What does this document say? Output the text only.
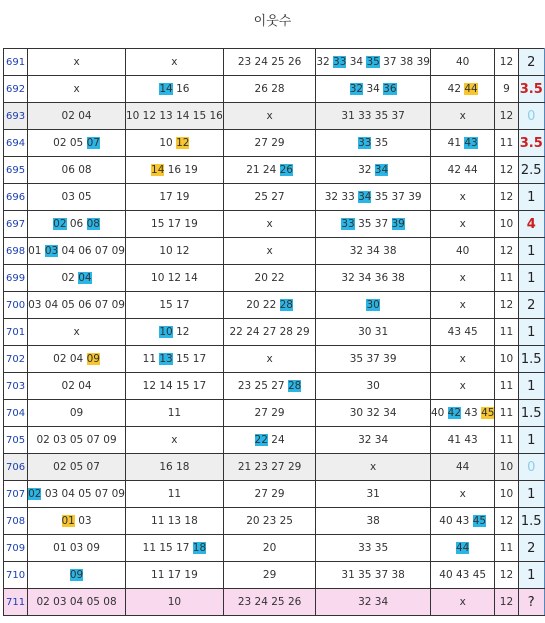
이웃수
691	x	x	23 24 25 26	32 33 34 35 37 38 39	40	12	2
692	x	14 16	26 28	32 34 36	42 44	9	3.5
693	02 04	10 12 13 14 15 16	x	31 33 35 37	x	12	0
694	02 05 07	10 12	27 29	33 35	41 43	11	3.5
695	06 08	14 16 19	21 24 26	32 34	42 44	12	2.5
696	03 05	17 19	25 27	32 33 34 35 37 39	x	12	1
697	02 06 08	15 17 19	x	33 35 37 39	x	10	4
698	01 03 04 06 07 09	10 12	x	32 34 38	40	12	1
699	02 04	10 12 14	20 22	32 34 36 38	x	11	1
700	03 04 05 06 07 09	15 17	20 22 28	30	x	12	2
701	x	10 12	22 24 27 28 29	30 31	43 45	11	1
702	02 04 09	11 13 15 17	x	35 37 39	x	10	1.5
703	02 04	12 14 15 17	23 25 27 28	30	x	11	1
704	09	11	27 29	30 32 34	40 42 43 45	11	1.5
705	02 03 05 07 09	x	22 24	32 34	41 43	11	1
706	02 05 07	16 18	21 23 27 29	x	44	10	0
707	02 03 04 05 07 09	11	27 29	31	x	10	1
708	01 03	11 13 18	20 23 25	38	40 43 45	12	1.5
709	01 03 09	11 15 17 18	20	33 35	44	11	2
710	09	11 17 19	29	31 35 37 38	40 43 45	12	1
711	02 03 04 05 08	10	23 24 25 26	32 34	x	12	?
